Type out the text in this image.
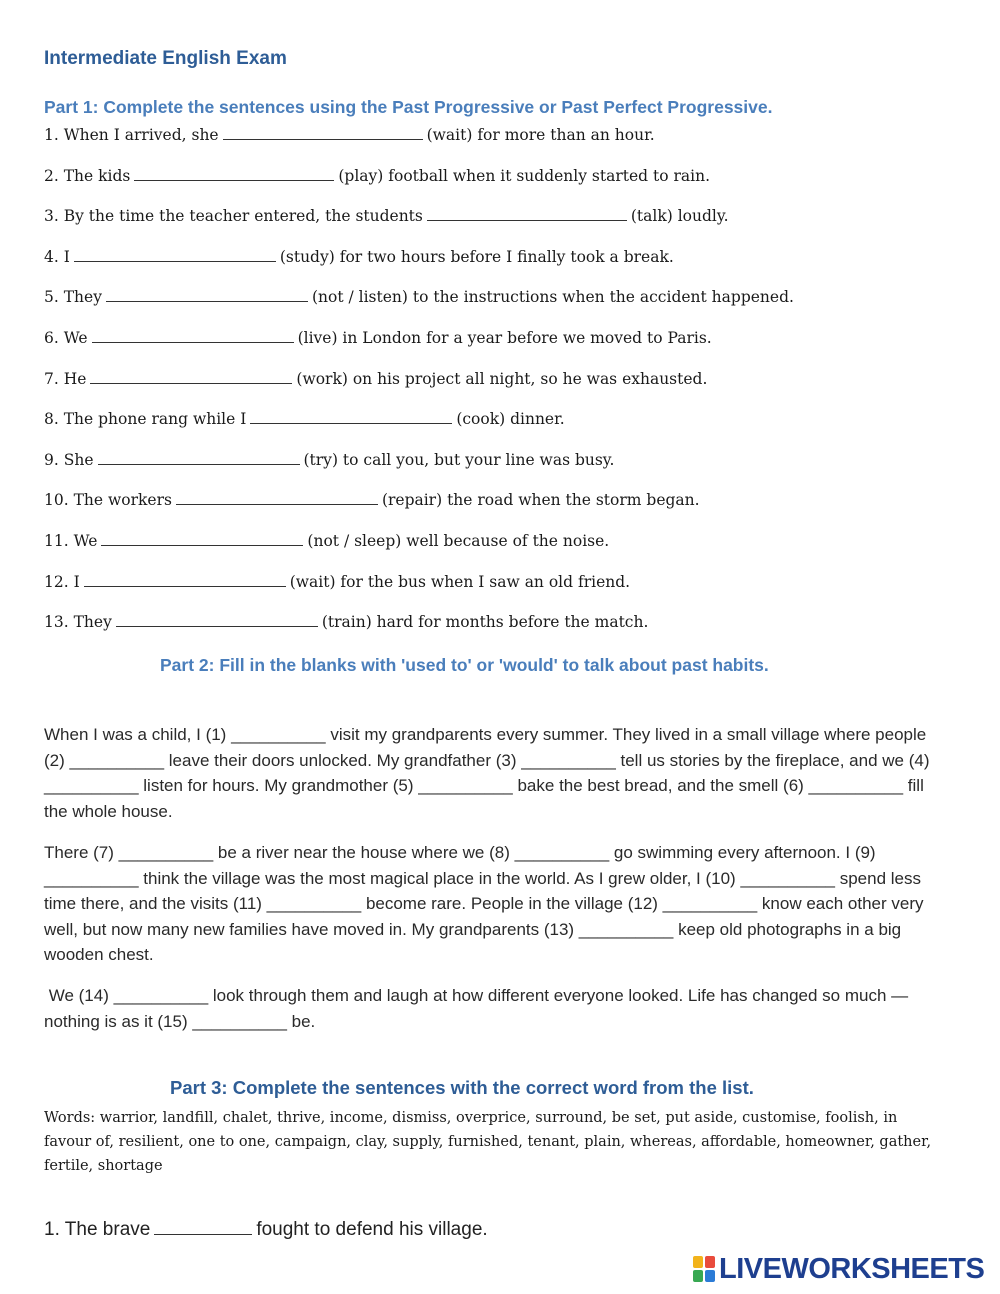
Intermediate English Exam
Part 1: Complete the sentences using the Past Progressive or Past Perfect Progressive.
1. When I arrived, she	(wait) for more than an hour.
2. The kids	(play) football when it suddenly started to rain.
3. By the time the teacher entered, the students	(talk) loudly.
4. I	(study) for two hours before I finally took a break.
5. They	(not / listen) to the instructions when the accident happened.
6. We	(live) in London for a year before we moved to Paris.
7. He	(work) on his project all night, so he was exhausted.
8. The phone rang while I	(cook) dinner.
9. She	(try) to call you, but your line was busy.
10. The workers	(repair) the road when the storm began.
11. We	(not / sleep) well because of the noise.
12. I	(wait) for the bus when I saw an old friend.
13. They	(train) hard for months before the match.
Part 2: Fill in the blanks with 'used to' or 'would' to talk about past habits.

When I was a child, I (1) __________ visit my grandparents every summer. They lived in a small village where people (2) __________ leave their doors unlocked. My grandfather (3) __________ tell us stories by the fireplace, and we (4) __________ listen for hours. My grandmother (5) __________ bake the best bread, and the smell (6) __________ fill the whole house.

There (7) __________ be a river near the house where we (8) __________ go swimming every afternoon. I (9) __________ think the village was the most magical place in the world. As I grew older, I (10) __________ spend less time there, and the visits (11) __________ become rare. People in the village (12) __________ know each other very well, but now many new families have moved in. My grandparents (13) __________ keep old photographs in a big wooden chest.

We (14) __________ look through them and laugh at how different everyone looked. Life has changed so much — nothing is as it (15) __________ be.

Part 3: Complete the sentences with the correct word from the list.

Words: warrior, landfill, chalet, thrive, income, dismiss, overprice, surround, be set, put aside, customise, foolish, in favour of, resilient, one to one, campaign, clay, supply, furnished, tenant, plain, whereas, affordable, homeowner, gather, fertile, shortage

1. The brave	fought to defend his village.
LIVEWORKSHEETS
